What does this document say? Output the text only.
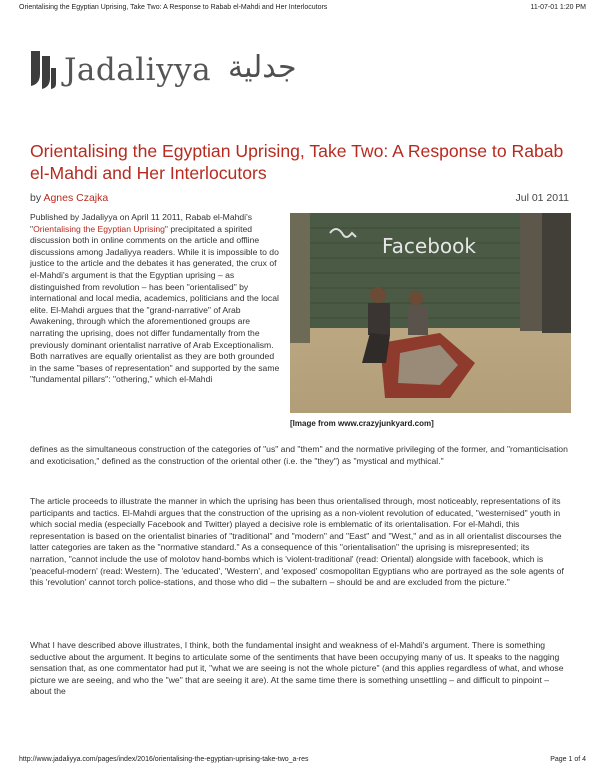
Orientalising the Egyptian Uprising, Take Two: A Response to Rabab el-Mahdi and Her Interlocutors	11-07-01 1:20 PM
Jadaliyya جدلية
Orientalising the Egyptian Uprising, Take Two: A Response to Rabab el-Mahdi and Her Interlocutors
by Agnes Czajka	Jul 01 2011

Published by Jadaliyya on April 11 2011, Rabab el-Mahdi's "Orientalising the Egyptian Uprising" precipitated a spirited discussion both in online comments on the article and offline discussions among Jadaliyya readers. While it is impossible to do justice to the article and the debates it has generated, the crux of el-Mahdi's argument is that the Egyptian uprising – as distinguished from revolution – has been "orientalised" by international and local media, academics, politicians and the local elite. El-Mahdi argues that the "grand-narrative" of Arab Awakening, through which the aforementioned groups are narrating the uprising, does not differ fundamentally from the previously dominant orientalist narrative of Arab Exceptionalism. Both narratives are equally orientalist as they are both grounded in the same "bases of representation" and supported by the same "fundamental pillars": "othering," which el-Mahdi

Facebook
[Image from www.crazyjunkyard.com]

defines as the simultaneous construction of the categories of "us" and "them" and the normative privileging of the former, and "romanticisation and exoticisation," defined as the construction of the oriental other (i.e. the "they") as "mystical and mythical."

The article proceeds to illustrate the manner in which the uprising has been thus orientalised through, most noticeably, representations of its participants and tactics. El-Mahdi argues that the construction of the uprising as a non-violent revolution of educated, "westernised" youth in which social media (especially Facebook and Twitter) played a decisive role is emblematic of its orientalisation. For el-Mahdi, this representation is based on the orientalist binaries of "traditional" and "modern" and "East" and "West," and as in all orientalist discourses the latter categories are taken as the "normative standard." As a consequence of this "orientalisation" the uprising is misrepresented; its narration, "cannot include the use of molotov hand-bombs which is 'violent-traditional' (read: Oriental) alongside with facebook, which is 'peaceful-modern' (read: Western). The 'educated', 'Western', and 'exposed' cosmopolitan Egyptians who are portrayed as the sole agents of this 'revolution' cannot torch police-stations, and those who did – the subaltern – should be and are excluded from the picture."

What I have described above illustrates, I think, both the fundamental insight and weakness of el-Mahdi's argument. There is something seductive about the argument. It begins to articulate some of the sentiments that have been occupying many of us. It speaks to the nagging sensation that, as one commentator had put it, "what we are seeing is not the whole picture" (and this applies regardless of what, and whose picture we are seeing, and who the "we" that are seeing it are). At the same time there is something unsettling – and difficult to pinpoint – about the

http://www.jadaliyya.com/pages/index/2016/orientalising-the-egyptian-uprising-take-two_a-res	Page 1 of 4
